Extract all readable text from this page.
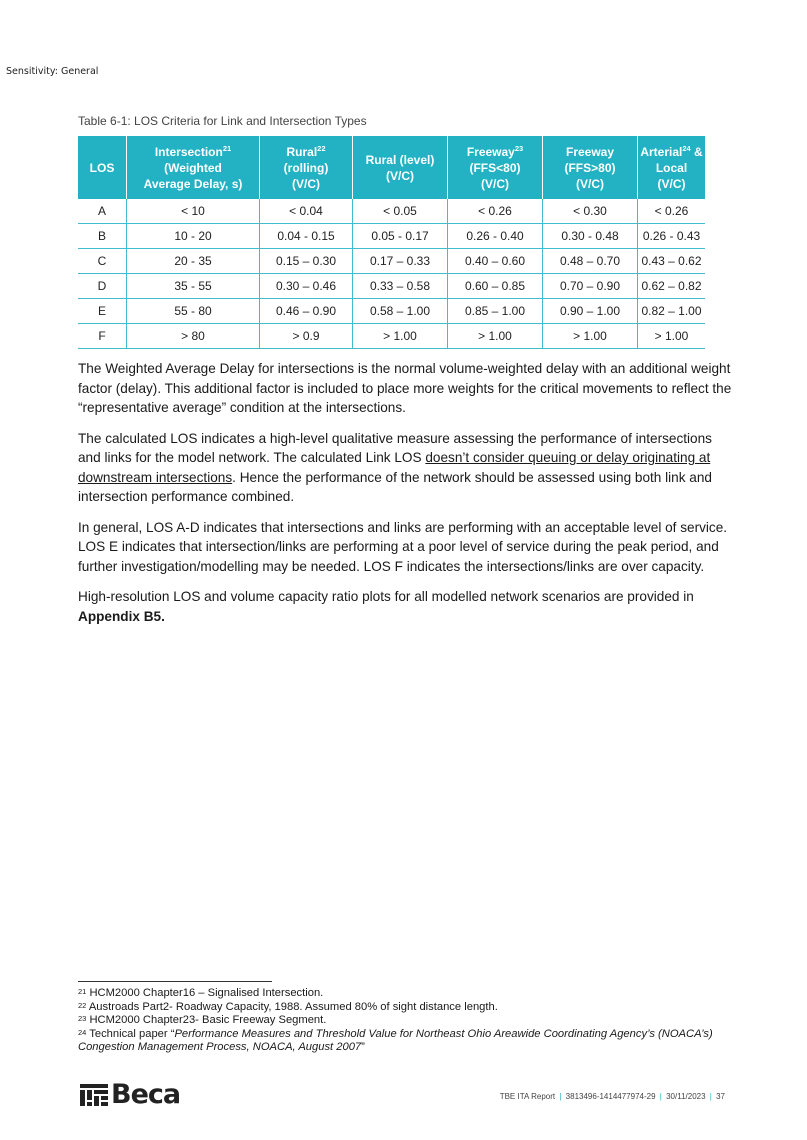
Sensitivity: General
Table 6-1: LOS Criteria for Link and Intersection Types
LOS	Intersection$^{21}$
(Weighted
Average Delay, s)	Rural$^{22}$
(rolling)
(V/C)	Rural (level)
(V/C)	Freeway$^{23}$
(FFS<80)
(V/C)	Freeway
(FFS>80)
(V/C)	Arterial$^{24}$ &
Local
(V/C)
A	< 10	< 0.04	< 0.05	< 0.26	< 0.30	< 0.26
B	10 - 20	0.04 - 0.15	0.05 - 0.17	0.26 - 0.40	0.30 - 0.48	0.26 - 0.43
C	20 - 35	0.15 – 0.30	0.17 – 0.33	0.40 – 0.60	0.48 – 0.70	0.43 – 0.62
D	35 - 55	0.30 – 0.46	0.33 – 0.58	0.60 – 0.85	0.70 – 0.90	0.62 – 0.82
E	55 - 80	0.46 – 0.90	0.58 – 1.00	0.85 – 1.00	0.90 – 1.00	0.82 – 1.00
F	> 80	> 0.9	> 1.00	> 1.00	> 1.00	> 1.00

The Weighted Average Delay for intersections is the normal volume-weighted delay with an additional weight factor (delay). This additional factor is included to place more weights for the critical movements to reflect the “representative average” condition at the intersections.

The calculated LOS indicates a high-level qualitative measure assessing the performance of intersections and links for the model network. The calculated Link LOS doesn’t consider queuing or delay originating at downstream intersections. Hence the performance of the network should be assessed using both link and intersection performance combined.

In general, LOS A-D indicates that intersections and links are performing with an acceptable level of service. LOS E indicates that intersection/links are performing at a poor level of service during the peak period, and further investigation/modelling may be needed. LOS F indicates the intersections/links are over capacity.

High-resolution LOS and volume capacity ratio plots for all modelled network scenarios are provided in Appendix B5.

$^{21}$ HCM2000 Chapter16 – Signalised Intersection.
$^{22}$ Austroads Part2- Roadway Capacity, 1988. Assumed 80% of sight distance length.
$^{23}$ HCM2000 Chapter23- Basic Freeway Segment.
$^{24}$ Technical paper “Performance Measures and Threshold Value for Northeast Ohio Areawide Coordinating Agency’s (NOACA’s) Congestion Management Process, NOACA, August 2007”
Beca	TBE ITA Report | 3813496-1414477974-29 | 30/11/2023 | 37
